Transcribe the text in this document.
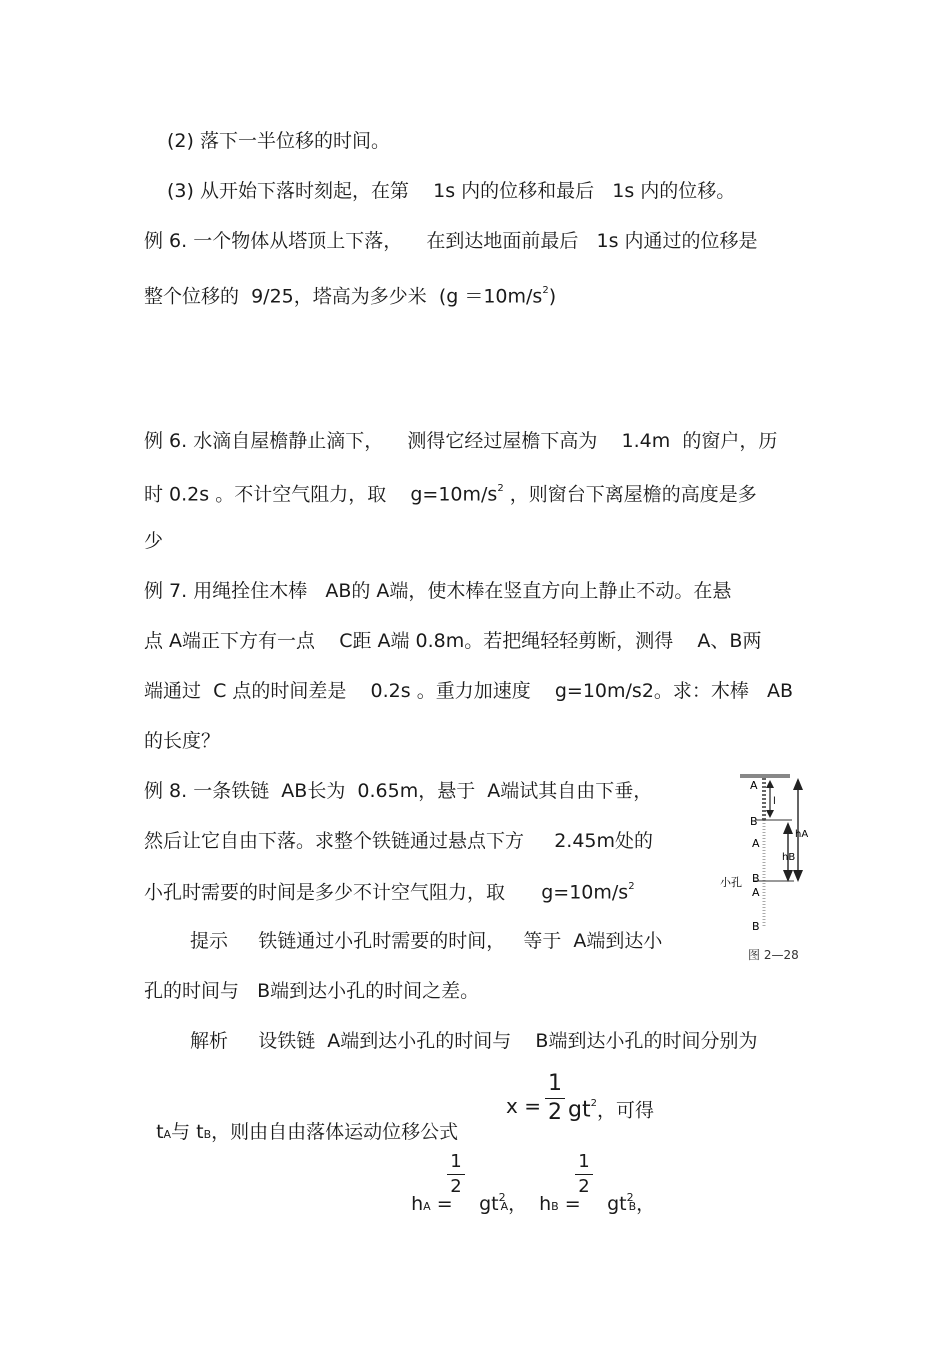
(2) 落下一半位移的时间。
(3) 从开始下落时刻起，在第    1s 内的位移和最后   1s 内的位移。
例 6. 一个物体从塔顶上下落，    在到达地面前最后   1s 内通过的位移是
整个位移的  9/25，塔高为多少米  $(g =10m/s^2)$
例 6. 水滴自屋檐静止滴下，    测得它经过屋檐下高为    1.4m  的窗户，历
时 0.2s 。不计空气阻力，取    $g=10m/s^2$ ，则窗台下离屋檐的高度是多
少
例 7. 用绳拴住木棒   AB的 A端，使木棒在竖直方向上静止不动。在悬
点 A端正下方有一点    C距 A端 0.8m。若把绳轻轻剪断，测得    A、B两
端通过  C 点的时间差是    0.2s 。重力加速度    g=10m/s2。求：木棒   AB
的长度？
例 8. 一条铁链  AB长为  0.65m，悬于  A端试其自由下垂，
然后让它自由下落。求整个铁链通过悬点下方     2.45m处的
小孔时需要的时间是多少不计空气阻力，取      $g=10m/s^2$
提示     铁链通过小孔时需要的时间，   等于  A端到达小
孔的时间与   B端到达小孔的时间之差。
解析     设铁链  A端到达小孔的时间与    B端到达小孔的时间分别为

tA与 tB，则由自由落体运动位移公式

x =
1
2 $gt^2$，可得

hA =

1
2

$gt^2A$， hB =

1
2

$gt^2B$，

A
B
A
B
A
B
l
hA
hB
小孔
图 2—28
